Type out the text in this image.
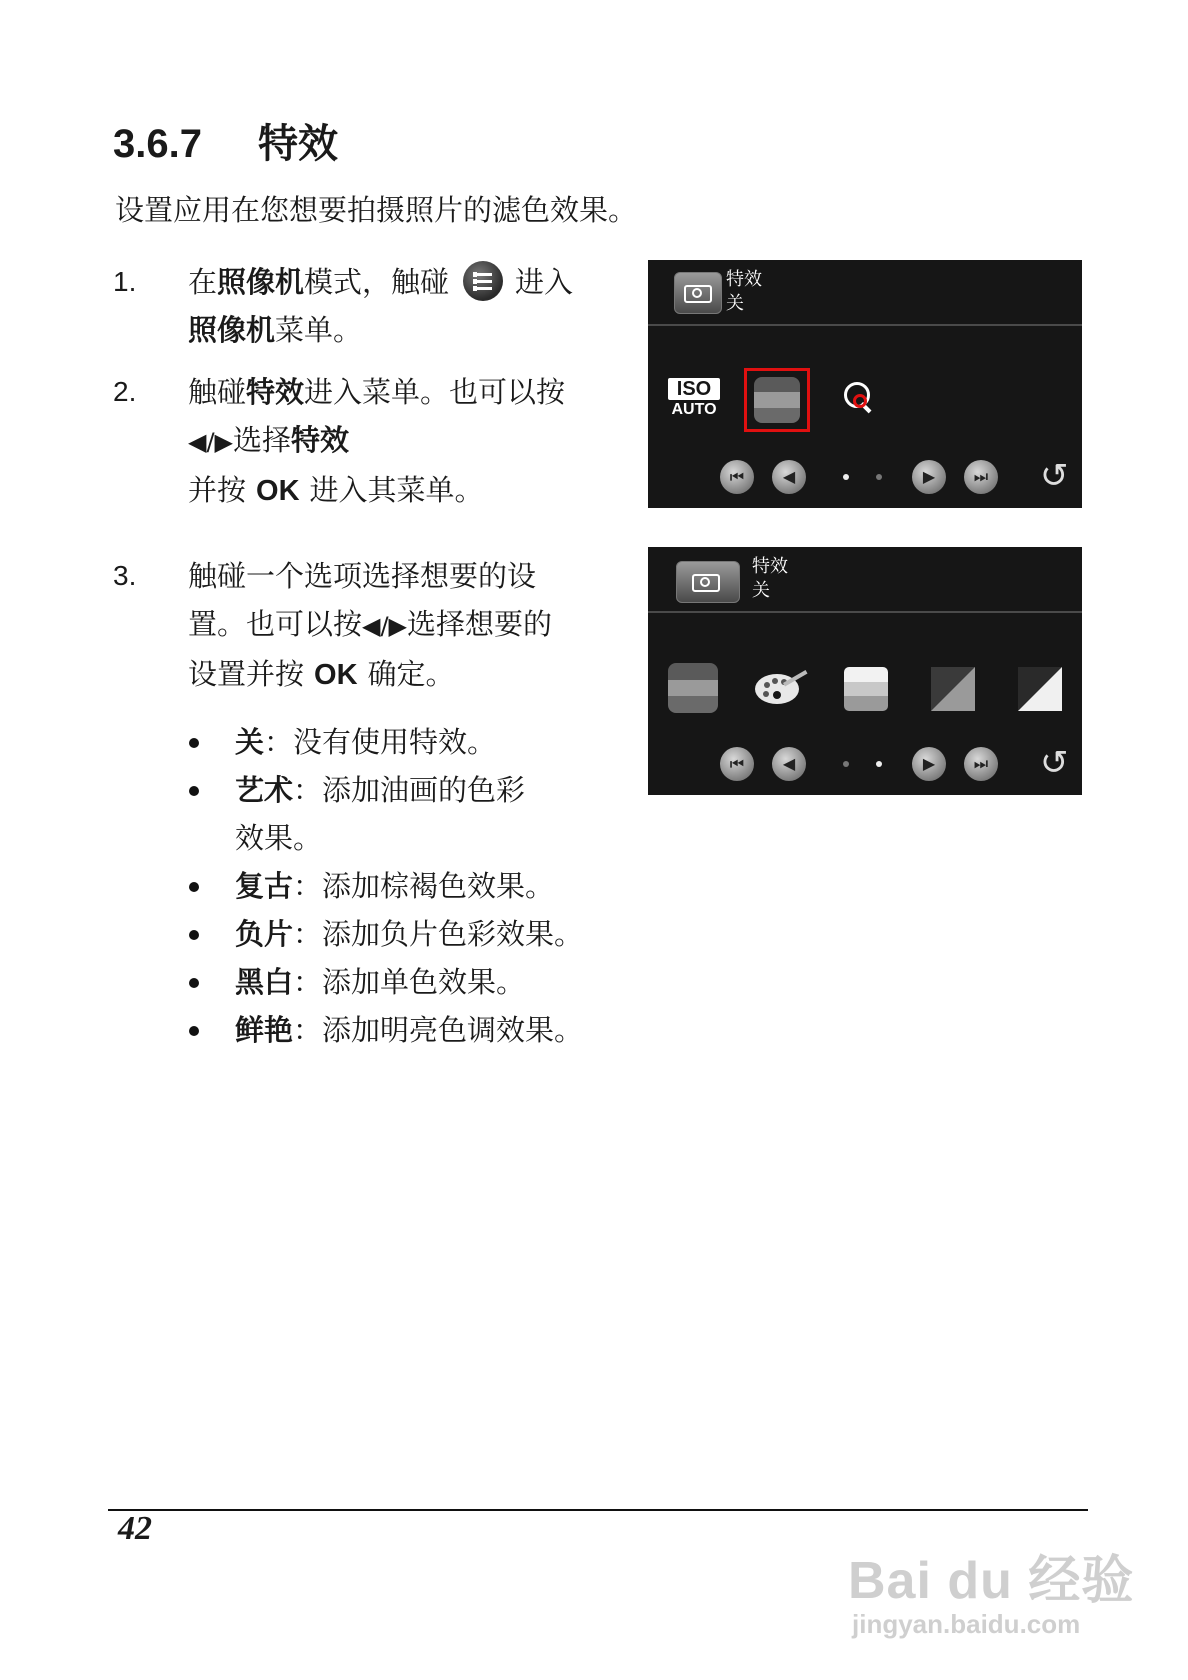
3.6.7 特效
设置应用在您想要拍摄照片的滤色效果。
1. 在照像机模式，触碰 进入
照像机菜单。
2. 触碰特效进入菜单。也可以按
◀/▶选择特效
并按 OK 进入其菜单。
3. 触碰一个选项选择想要的设
置。也可以按◀/▶选择想要的
设置并按 OK 确定。
关：没有使用特效。
艺术：添加油画的色彩效果。
复古：添加棕褐色效果。
负片：添加负片色彩效果。
黑白：添加单色效果。
鲜艳：添加明亮色调效果。
特效
关
ISO
AUTO
⏮	◀	▶	⏭ ↺
特效
关
⏮	◀	▶	⏭ ↺
42
Bai du 经验
jingyan.baidu.com
